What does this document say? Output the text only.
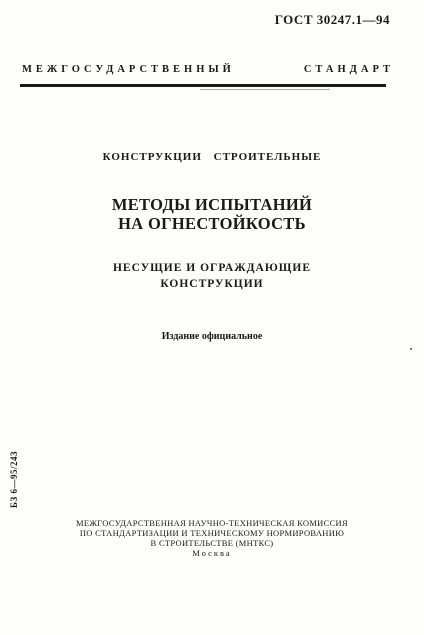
ГОСТ 30247.1—94
МЕЖГОСУДАРСТВЕННЫЙ	СТАНДАРТ
КОНСТРУКЦИИ СТРОИТЕЛЬНЫЕ
МЕТОДЫ ИСПЫТАНИЙ
НА ОГНЕСТОЙКОСТЬ
НЕСУЩИЕ И ОГРАЖДАЮЩИЕ
КОНСТРУКЦИИ
Издание официальное
БЗ 6—95/243
МЕЖГОСУДАРСТВЕННАЯ НАУЧНО-ТЕХНИЧЕСКАЯ КОМИССИЯ
ПО СТАНДАРТИЗАЦИИ И ТЕХНИЧЕСКОМУ НОРМИРОВАНИЮ
В СТРОИТЕЛЬСТВЕ (МНТКС)
Москва
